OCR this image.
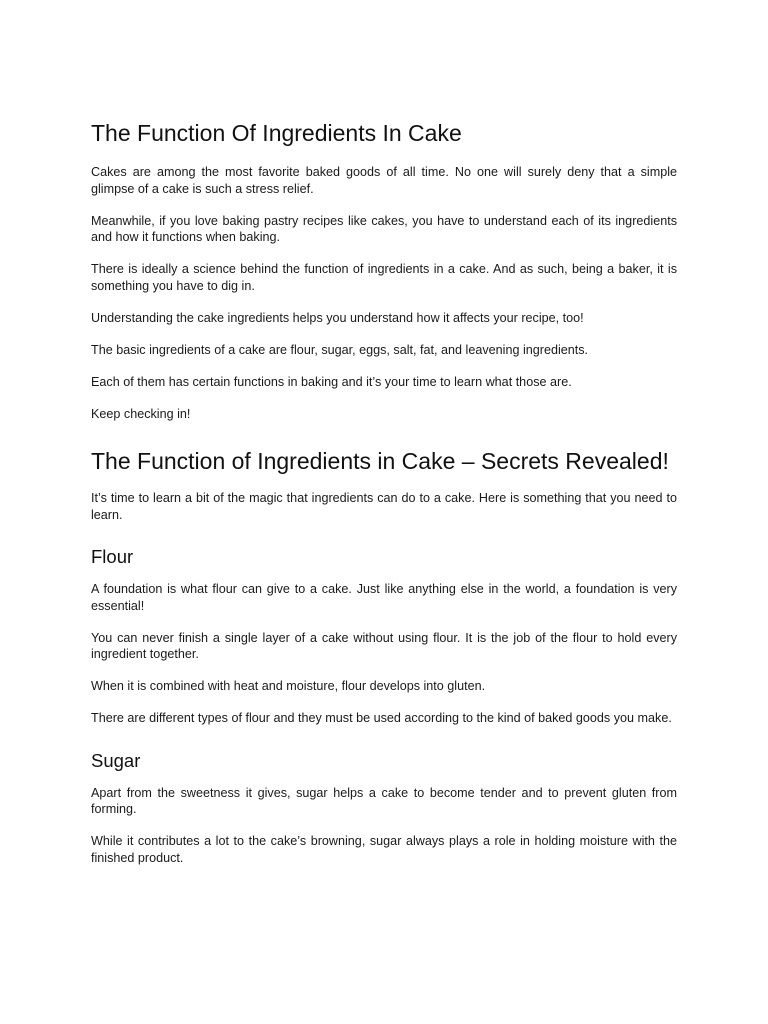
The Function Of Ingredients In Cake

Cakes are among the most favorite baked goods of all time. No one will surely deny that a simple glimpse of a cake is such a stress relief.

Meanwhile, if you love baking pastry recipes like cakes, you have to understand each of its ingredients and how it functions when baking.

There is ideally a science behind the function of ingredients in a cake. And as such, being a baker, it is something you have to dig in.

Understanding the cake ingredients helps you understand how it affects your recipe, too!

The basic ingredients of a cake are flour, sugar, eggs, salt, fat, and leavening ingredients.

Each of them has certain functions in baking and it’s your time to learn what those are.

Keep checking in!

The Function of Ingredients in Cake – Secrets Revealed!

It’s time to learn a bit of the magic that ingredients can do to a cake. Here is something that you need to learn.

Flour

A foundation is what flour can give to a cake. Just like anything else in the world, a foundation is very essential!

You can never finish a single layer of a cake without using flour. It is the job of the flour to hold every ingredient together.

When it is combined with heat and moisture, flour develops into gluten.

There are different types of flour and they must be used according to the kind of baked goods you make.

Sugar

Apart from the sweetness it gives, sugar helps a cake to become tender and to prevent gluten from forming.

While it contributes a lot to the cake’s browning, sugar always plays a role in holding moisture with the finished product.
